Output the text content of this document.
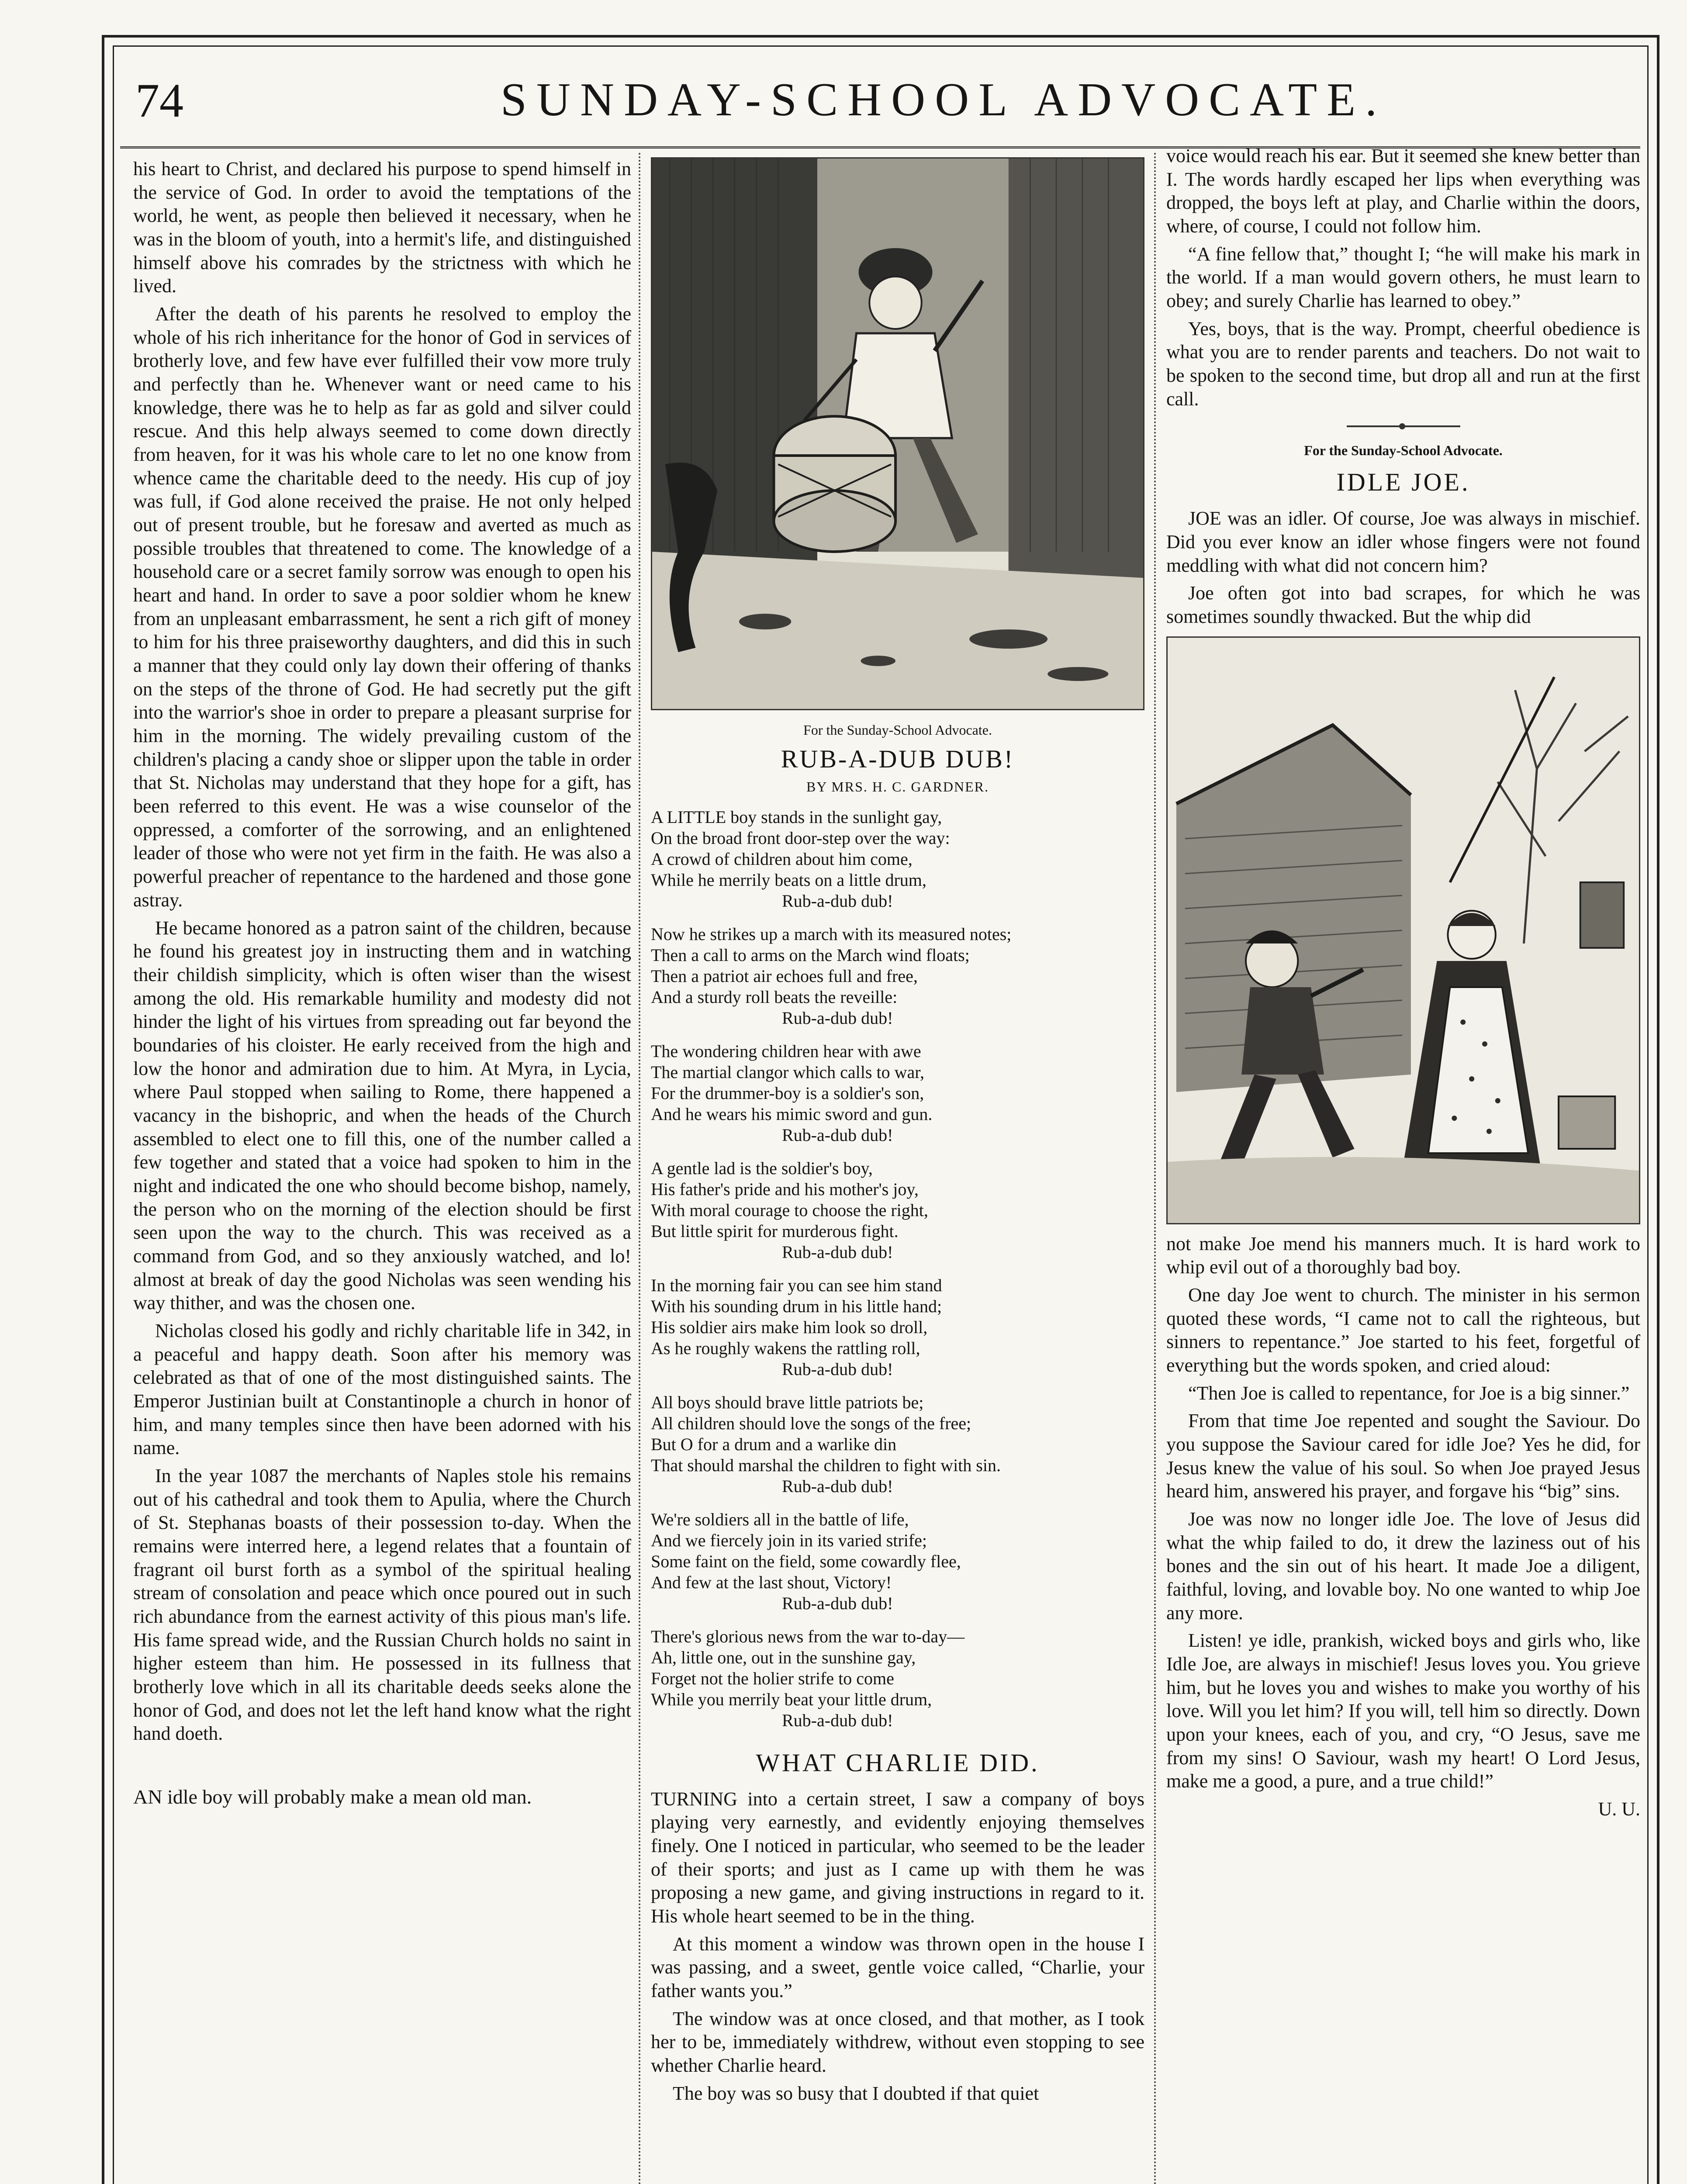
74	SUNDAY-SCHOOL ADVOCATE.

his heart to Christ, and declared his purpose to spend himself in the service of God. In order to avoid the temptations of the world, he went, as people then believed it necessary, when he was in the bloom of youth, into a hermit's life, and distinguished himself above his comrades by the strictness with which he lived.

After the death of his parents he resolved to employ the whole of his rich inheritance for the honor of God in services of brotherly love, and few have ever fulfilled their vow more truly and perfectly than he. Whenever want or need came to his knowledge, there was he to help as far as gold and silver could rescue. And this help always seemed to come down directly from heaven, for it was his whole care to let no one know from whence came the charitable deed to the needy. His cup of joy was full, if God alone received the praise. He not only helped out of present trouble, but he foresaw and averted as much as possible troubles that threatened to come. The knowledge of a household care or a secret family sorrow was enough to open his heart and hand. In order to save a poor soldier whom he knew from an unpleasant embarrassment, he sent a rich gift of money to him for his three praiseworthy daughters, and did this in such a manner that they could only lay down their offering of thanks on the steps of the throne of God. He had secretly put the gift into the warrior's shoe in order to prepare a pleasant surprise for him in the morning. The widely prevailing custom of the children's placing a candy shoe or slipper upon the table in order that St. Nicholas may understand that they hope for a gift, has been referred to this event. He was a wise counselor of the oppressed, a comforter of the sorrowing, and an enlightened leader of those who were not yet firm in the faith. He was also a powerful preacher of repentance to the hardened and those gone astray.

He became honored as a patron saint of the children, because he found his greatest joy in instructing them and in watching their childish simplicity, which is often wiser than the wisest among the old. His remarkable humility and modesty did not hinder the light of his virtues from spreading out far beyond the boundaries of his cloister. He early received from the high and low the honor and admiration due to him. At Myra, in Lycia, where Paul stopped when sailing to Rome, there happened a vacancy in the bishopric, and when the heads of the Church assembled to elect one to fill this, one of the number called a few together and stated that a voice had spoken to him in the night and indicated the one who should become bishop, namely, the person who on the morning of the election should be first seen upon the way to the church. This was received as a command from God, and so they anxiously watched, and lo! almost at break of day the good Nicholas was seen wending his way thither, and was the chosen one.

Nicholas closed his godly and richly charitable life in 342, in a peaceful and happy death. Soon after his memory was celebrated as that of one of the most distinguished saints. The Emperor Justinian built at Constantinople a church in honor of him, and many temples since then have been adorned with his name.

In the year 1087 the merchants of Naples stole his remains out of his cathedral and took them to Apulia, where the Church of St. Stephanas boasts of their possession to-day. When the remains were interred here, a legend relates that a fountain of fragrant oil burst forth as a symbol of the spiritual healing stream of consolation and peace which once poured out in such rich abundance from the earnest activity of this pious man's life. His fame spread wide, and the Russian Church holds no saint in higher esteem than him. He possessed in its fullness that brotherly love which in all its charitable deeds seeks alone the honor of God, and does not let the left hand know what the right hand doeth.

AN idle boy will probably make a mean old man.

For the Sunday-School Advocate.
RUB-A-DUB DUB!
BY MRS. H. C. GARDNER.
A LITTLE boy stands in the sunlight gay,
On the broad front door-step over the way:
A crowd of children about him come,
While he merrily beats on a little drum,
Rub-a-dub dub!
Now he strikes up a march with its measured notes;
Then a call to arms on the March wind floats;
Then a patriot air echoes full and free,
And a sturdy roll beats the reveille:
Rub-a-dub dub!
The wondering children hear with awe
The martial clangor which calls to war,
For the drummer-boy is a soldier's son,
And he wears his mimic sword and gun.
Rub-a-dub dub!
A gentle lad is the soldier's boy,
His father's pride and his mother's joy,
With moral courage to choose the right,
But little spirit for murderous fight.
Rub-a-dub dub!
In the morning fair you can see him stand
With his sounding drum in his little hand;
His soldier airs make him look so droll,
As he roughly wakens the rattling roll,
Rub-a-dub dub!
All boys should brave little patriots be;
All children should love the songs of the free;
But O for a drum and a warlike din
That should marshal the children to fight with sin.
Rub-a-dub dub!
We're soldiers all in the battle of life,
And we fiercely join in its varied strife;
Some faint on the field, some cowardly flee,
And few at the last shout, Victory!
Rub-a-dub dub!
There's glorious news from the war to-day—
Ah, little one, out in the sunshine gay,
Forget not the holier strife to come
While you merrily beat your little drum,
Rub-a-dub dub!
WHAT CHARLIE DID.

TURNING into a certain street, I saw a company of boys playing very earnestly, and evidently enjoying themselves finely. One I noticed in particular, who seemed to be the leader of their sports; and just as I came up with them he was proposing a new game, and giving instructions in regard to it. His whole heart seemed to be in the thing.

At this moment a window was thrown open in the house I was passing, and a sweet, gentle voice called, “Charlie, your father wants you.”

The window was at once closed, and that mother, as I took her to be, immediately withdrew, without even stopping to see whether Charlie heard.

The boy was so busy that I doubted if that quiet

voice would reach his ear. But it seemed she knew better than I. The words hardly escaped her lips when everything was dropped, the boys left at play, and Charlie within the doors, where, of course, I could not follow him.

“A fine fellow that,” thought I; “he will make his mark in the world. If a man would govern others, he must learn to obey; and surely Charlie has learned to obey.”

Yes, boys, that is the way. Prompt, cheerful obedience is what you are to render parents and teachers. Do not wait to be spoken to the second time, but drop all and run at the first call.

For the Sunday-School Advocate.
IDLE JOE.

JOE was an idler. Of course, Joe was always in mischief. Did you ever know an idler whose fingers were not found meddling with what did not concern him?

Joe often got into bad scrapes, for which he was sometimes soundly thwacked. But the whip did

not make Joe mend his manners much. It is hard work to whip evil out of a thoroughly bad boy.

One day Joe went to church. The minister in his sermon quoted these words, “I came not to call the righteous, but sinners to repentance.” Joe started to his feet, forgetful of everything but the words spoken, and cried aloud:

“Then Joe is called to repentance, for Joe is a big sinner.”

From that time Joe repented and sought the Saviour. Do you suppose the Saviour cared for idle Joe? Yes he did, for Jesus knew the value of his soul. So when Joe prayed Jesus heard him, answered his prayer, and forgave his “big” sins.

Joe was now no longer idle Joe. The love of Jesus did what the whip failed to do, it drew the laziness out of his bones and the sin out of his heart. It made Joe a diligent, faithful, loving, and lovable boy. No one wanted to whip Joe any more.

Listen! ye idle, prankish, wicked boys and girls who, like Idle Joe, are always in mischief! Jesus loves you. You grieve him, but he loves you and wishes to make you worthy of his love. Will you let him? If you will, tell him so directly. Down upon your knees, each of you, and cry, “O Jesus, save me from my sins! O Saviour, wash my heart! O Lord Jesus, make me a good, a pure, and a true child!”

U. U.
